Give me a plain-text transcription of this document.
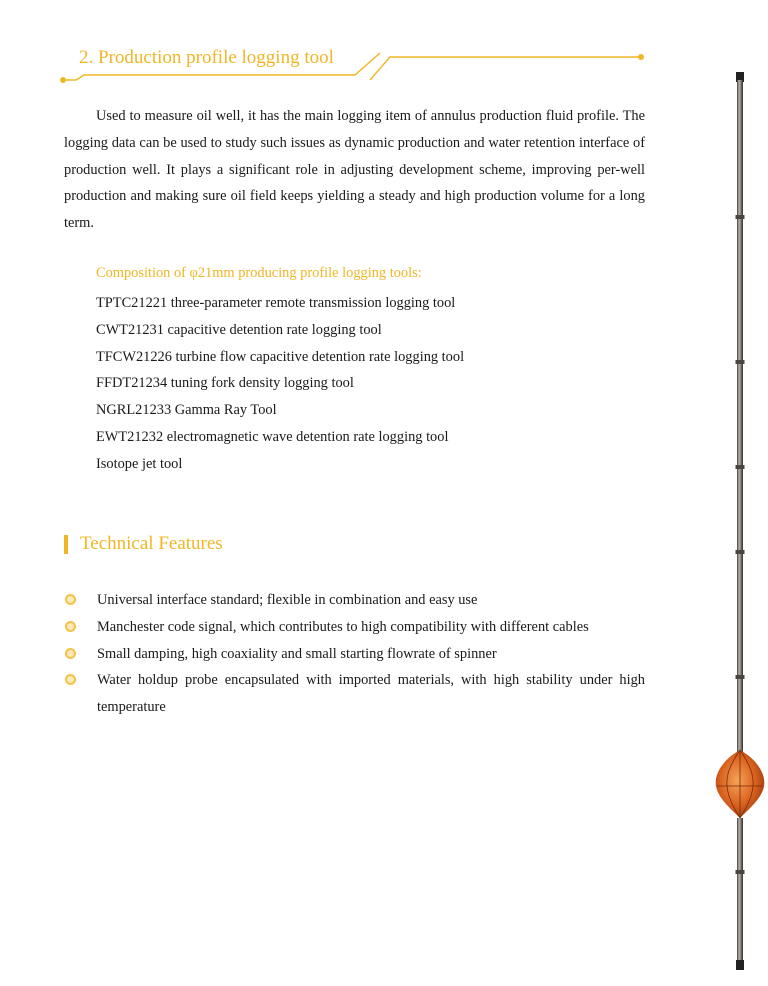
2. Production profile logging tool

Used to measure oil well, it has the main logging item of annulus production fluid profile. The logging data can be used to study such issues as dynamic production and water retention interface of production well. It plays a significant role in adjusting development scheme, improving per-well production and making sure oil field keeps yielding a steady and high production volume for a long term.

Composition of φ21mm producing profile logging tools:
TPTC21221 three-parameter remote transmission logging tool
CWT21231 capacitive detention rate logging tool
TFCW21226 turbine flow capacitive detention rate logging tool
FFDT21234 tuning fork density logging tool
NGRL21233 Gamma Ray Tool
EWT21232 electromagnetic wave detention rate logging tool
Isotope jet tool
Technical Features
Universal interface standard; flexible in combination and easy use
Manchester code signal, which contributes to high compatibility with different cables
Small damping, high coaxiality and small starting flowrate of spinner
Water holdup probe encapsulated with imported materials, with high stability under high temperature
